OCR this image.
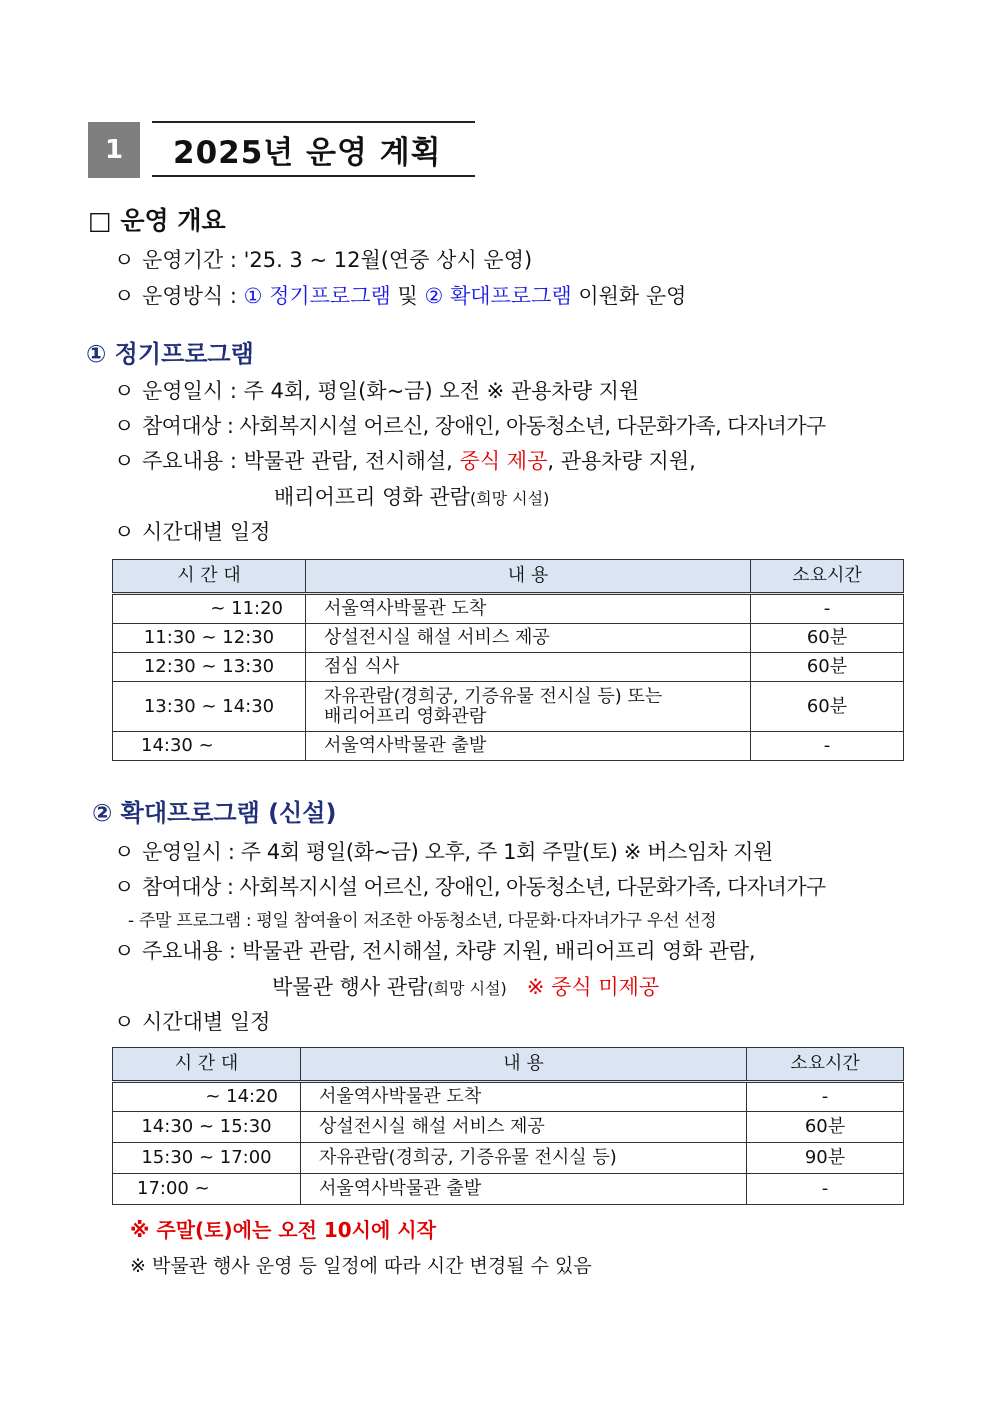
1	2025년 운영 계획
□ 운영 개요
ㅇ 운영기간 : '25. 3 ~ 12월(연중 상시 운영)
ㅇ 운영방식 : ① 정기프로그램 및 ② 확대프로그램 이원화 운영
① 정기프로그램
ㅇ 운영일시 : 주 4회, 평일(화~금) 오전 ※ 관용차량 지원
ㅇ 참여대상 : 사회복지시설 어르신, 장애인, 아동청소년, 다문화가족, 다자녀가구
ㅇ 주요내용 : 박물관 관람, 전시해설, 중식 제공, 관용차량 지원,
배리어프리 영화 관람(희망 시설)
ㅇ 시간대별 일정
시 간 대	내 용	소요시간
~ 11:20	서울역사박물관 도착	-
11:30 ~ 12:30	상설전시실 해설 서비스 제공	60분
12:30 ~ 13:30	점심 식사	60분
13:30 ~ 14:30	자유관람(경희궁, 기증유물 전시실 등) 또는
배리어프리 영화관람	60분
14:30 ~	서울역사박물관 출발	-
② 확대프로그램 (신설)
ㅇ 운영일시 : 주 4회 평일(화~금) 오후, 주 1회 주말(토) ※ 버스임차 지원
ㅇ 참여대상 : 사회복지시설 어르신, 장애인, 아동청소년, 다문화가족, 다자녀가구
- 주말 프로그램 : 평일 참여율이 저조한 아동청소년, 다문화·다자녀가구 우선 선정
ㅇ 주요내용 : 박물관 관람, 전시해설, 차량 지원, 배리어프리 영화 관람,
박물관 행사 관람(희망 시설) ※ 중식 미제공
ㅇ 시간대별 일정
시 간 대	내 용	소요시간
~ 14:20	서울역사박물관 도착	-
14:30 ~ 15:30	상설전시실 해설 서비스 제공	60분
15:30 ~ 17:00	자유관람(경희궁, 기증유물 전시실 등)	90분
17:00 ~	서울역사박물관 출발	-
※ 주말(토)에는 오전 10시에 시작
※ 박물관 행사 운영 등 일정에 따라 시간 변경될 수 있음
